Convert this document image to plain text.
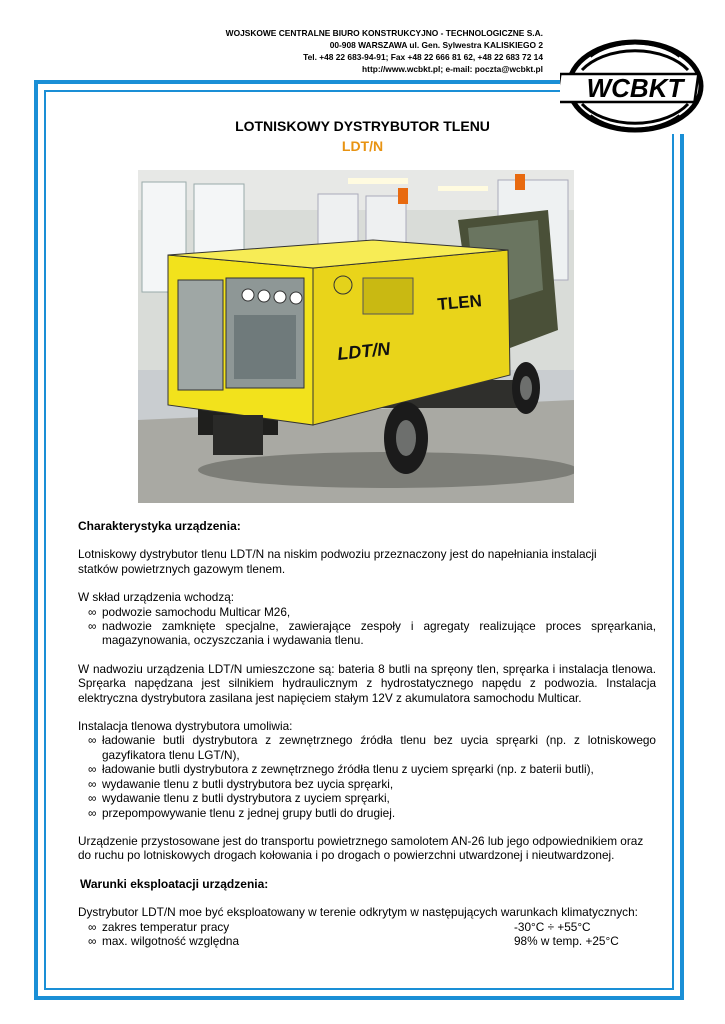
WOJSKOWE CENTRALNE BIURO KONSTRUKCYJNO - TECHNOLOGICZNE S.A.
00-908 WARSZAWA ul. Gen. Sylwestra KALISKIEGO 2
Tel. +48 22 683-94-91; Fax +48 22 666 81 62, +48 22 683 72 14
http://www.wcbkt.pl; e-mail: poczta@wcbkt.pl
WCBKT
LOTNISKOWY DYSTRYBUTOR TLENU
LDT/N
LDT/N
TLEN

Charakterystyka urządzenia:

Lotniskowy dystrybutor tlenu LDT/N na niskim podwoziu przeznaczony jest do napełniania instalacji

statków powietrznych gazowym tlenem.

W skład urządzenia wchodzą:

∞ podwozie samochodu Multicar M26,
∞ nadwozie zamknięte specjalne, zawierające zespoły i agregaty realizujące proces spręarkania, magazynowania, oczyszczania i wydawania tlenu.

W nadwoziu urządzenia LDT/N umieszczone są: bateria 8 butli na spręony tlen, spręarka i instalacja tlenowa. Spręarka napędzana jest silnikiem hydraulicznym z hydrostatycznego napędu z podwozia. Instalacja elektryczna dystrybutora zasilana jest napięciem stałym 12V z akumulatora samochodu Multicar.

Instalacja tlenowa dystrybutora umoliwia:

∞ ładowanie butli dystrybutora z zewnętrznego źródła tlenu bez uycia spręarki (np. z lotniskowego gazyfikatora tlenu LGT/N),
∞ ładowanie butli dystrybutora z zewnętrznego źródła tlenu z uyciem spręarki (np. z baterii butli),
∞ wydawanie tlenu z butli dystrybutora bez uycia spręarki,
∞ wydawanie tlenu z butli dystrybutora z uyciem spręarki,
∞ przepompowywanie tlenu z jednej grupy butli do drugiej.

Urządzenie przystosowane jest do transportu powietrznego samolotem AN-26 lub jego odpowiednikiem oraz do ruchu po lotniskowych drogach kołowania i po drogach o powierzchni utwardzonej i nieutwardzonej.

Warunki eksploatacji urządzenia:

Dystrybutor LDT/N moe być eksploatowany w terenie odkrytym w następujących warunkach klimatycznych:

∞ zakres temperatur pracy	-30°C ÷ +55°C
∞ max. wilgotność względna	98% w temp. +25°C
